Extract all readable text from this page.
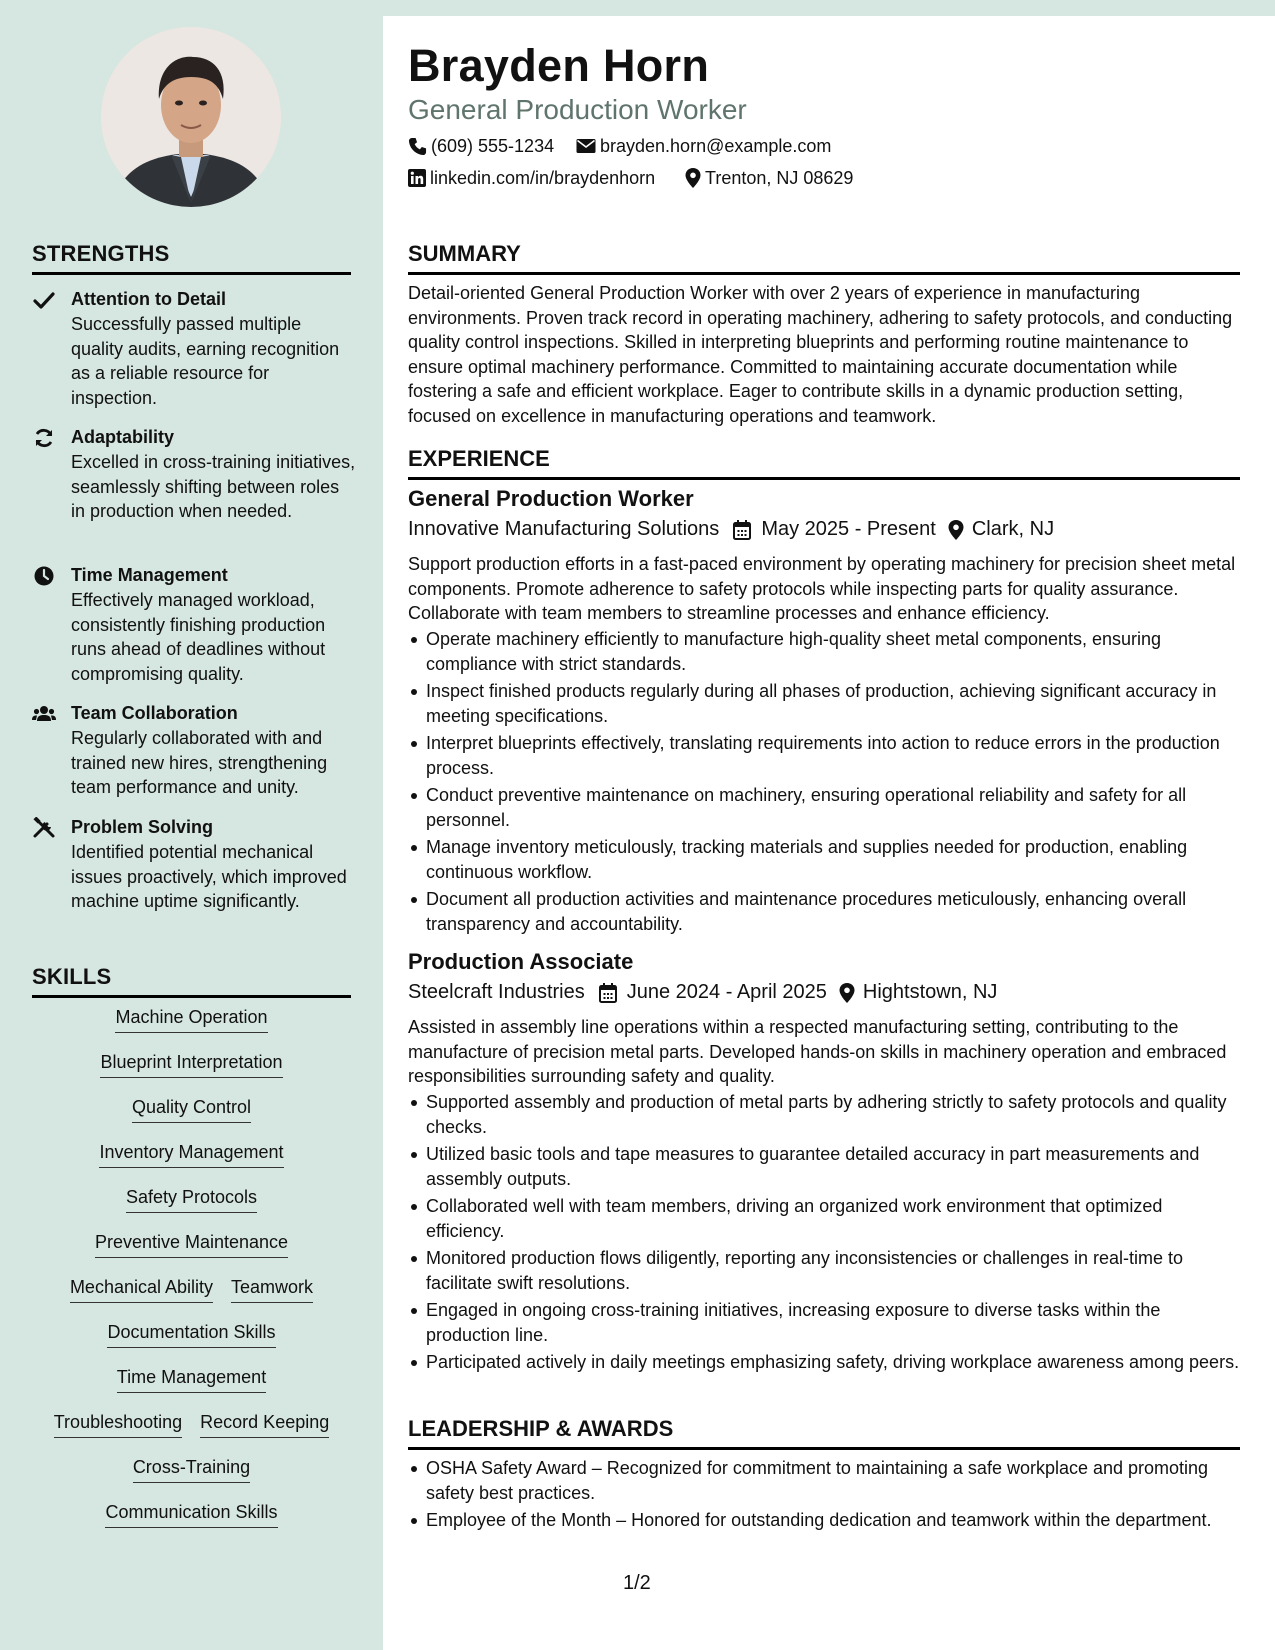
STRENGTHS
Attention to Detail
Successfully passed multiple quality audits, earning recognition as a reliable resource for inspection.
Adaptability
Excelled in cross-training initiatives, seamlessly shifting between roles in production when needed.
Time Management
Effectively managed workload, consistently finishing production runs ahead of deadlines without compromising quality.
Team Collaboration
Regularly collaborated with and trained new hires, strengthening team performance and unity.
Problem Solving
Identified potential mechanical issues proactively, which improved machine uptime significantly.
SKILLS
Machine Operation
Blueprint Interpretation
Quality Control
Inventory Management
Safety Protocols
Preventive Maintenance
Mechanical Ability Teamwork
Documentation Skills
Time Management
Troubleshooting Record Keeping
Cross-Training
Communication Skills
Brayden Horn
General Production Worker
(609) 555-1234	brayden.horn@example.com
linkedin.com/in/braydenhorn	Trenton, NJ 08629
SUMMARY
Detail-oriented General Production Worker with over 2 years of experience in manufacturing environments. Proven track record in operating machinery, adhering to safety protocols, and conducting quality control inspections. Skilled in interpreting blueprints and performing routine maintenance to ensure optimal machinery performance. Committed to maintaining accurate documentation while fostering a safe and efficient workplace. Eager to contribute skills in a dynamic production setting, focused on excellence in manufacturing operations and teamwork.
EXPERIENCE
General Production Worker
Innovative Manufacturing Solutions May 2025 - Present Clark, NJ
Support production efforts in a fast-paced environment by operating machinery for precision sheet metal components. Promote adherence to safety protocols while inspecting parts for quality assurance. Collaborate with team members to streamline processes and enhance efficiency.
Operate machinery efficiently to manufacture high-quality sheet metal components, ensuring compliance with strict standards.
Inspect finished products regularly during all phases of production, achieving significant accuracy in meeting specifications.
Interpret blueprints effectively, translating requirements into action to reduce errors in the production process.
Conduct preventive maintenance on machinery, ensuring operational reliability and safety for all personnel.
Manage inventory meticulously, tracking materials and supplies needed for production, enabling continuous workflow.
Document all production activities and maintenance procedures meticulously, enhancing overall transparency and accountability.
Production Associate
Steelcraft Industries June 2024 - April 2025 Hightstown, NJ
Assisted in assembly line operations within a respected manufacturing setting, contributing to the manufacture of precision metal parts. Developed hands-on skills in machinery operation and embraced responsibilities surrounding safety and quality.
Supported assembly and production of metal parts by adhering strictly to safety protocols and quality checks.
Utilized basic tools and tape measures to guarantee detailed accuracy in part measurements and assembly outputs.
Collaborated well with team members, driving an organized work environment that optimized efficiency.
Monitored production flows diligently, reporting any inconsistencies or challenges in real-time to facilitate swift resolutions.
Engaged in ongoing cross-training initiatives, increasing exposure to diverse tasks within the production line.
Participated actively in daily meetings emphasizing safety, driving workplace awareness among peers.
LEADERSHIP & AWARDS
OSHA Safety Award – Recognized for commitment to maintaining a safe workplace and promoting safety best practices.
Employee of the Month – Honored for outstanding dedication and teamwork within the department.
1/2
